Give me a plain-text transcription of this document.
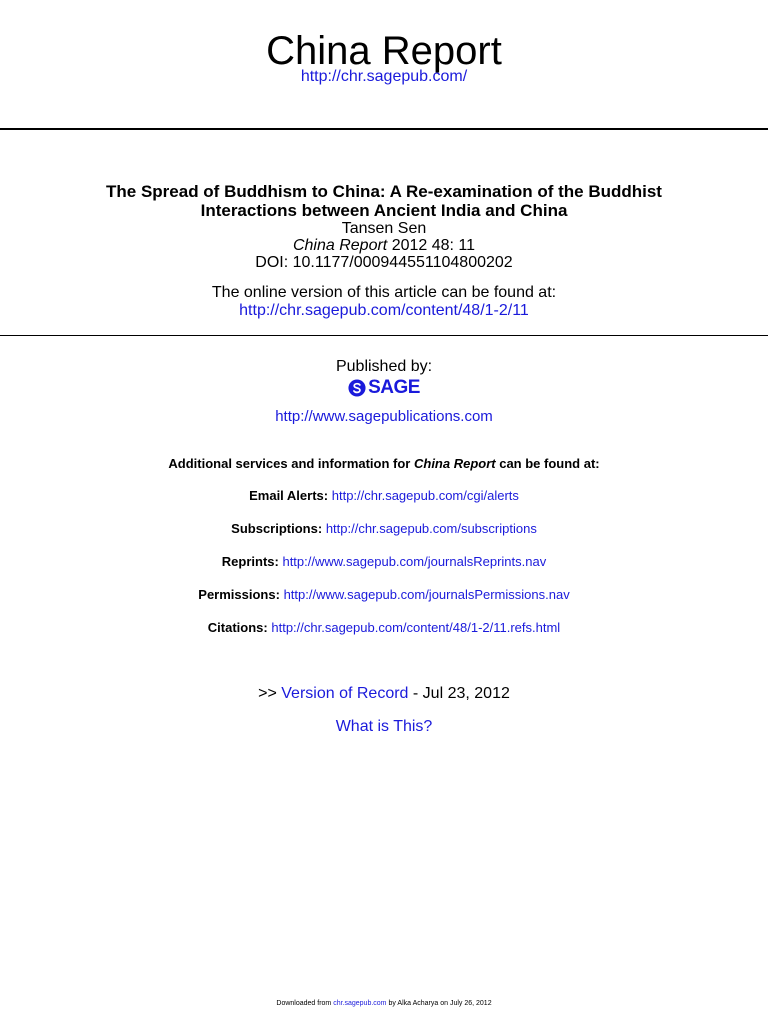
China Report
http://chr.sagepub.com/
The Spread of Buddhism to China: A Re-examination of the Buddhist
Interactions between Ancient India and China
Tansen Sen
China Report 2012 48: 11
DOI: 10.1177/000944551104800202
The online version of this article can be found at:
http://chr.sagepub.com/content/48/1-2/11
Published by:
SAGE
http://www.sagepublications.com
Additional services and information for China Report can be found at:
Email Alerts: http://chr.sagepub.com/cgi/alerts
Subscriptions: http://chr.sagepub.com/subscriptions
Reprints: http://www.sagepub.com/journalsReprints.nav
Permissions: http://www.sagepub.com/journalsPermissions.nav
Citations: http://chr.sagepub.com/content/48/1-2/11.refs.html
>> Version of Record - Jul 23, 2012
What is This?
Downloaded from chr.sagepub.com by Alka Acharya on July 26, 2012
